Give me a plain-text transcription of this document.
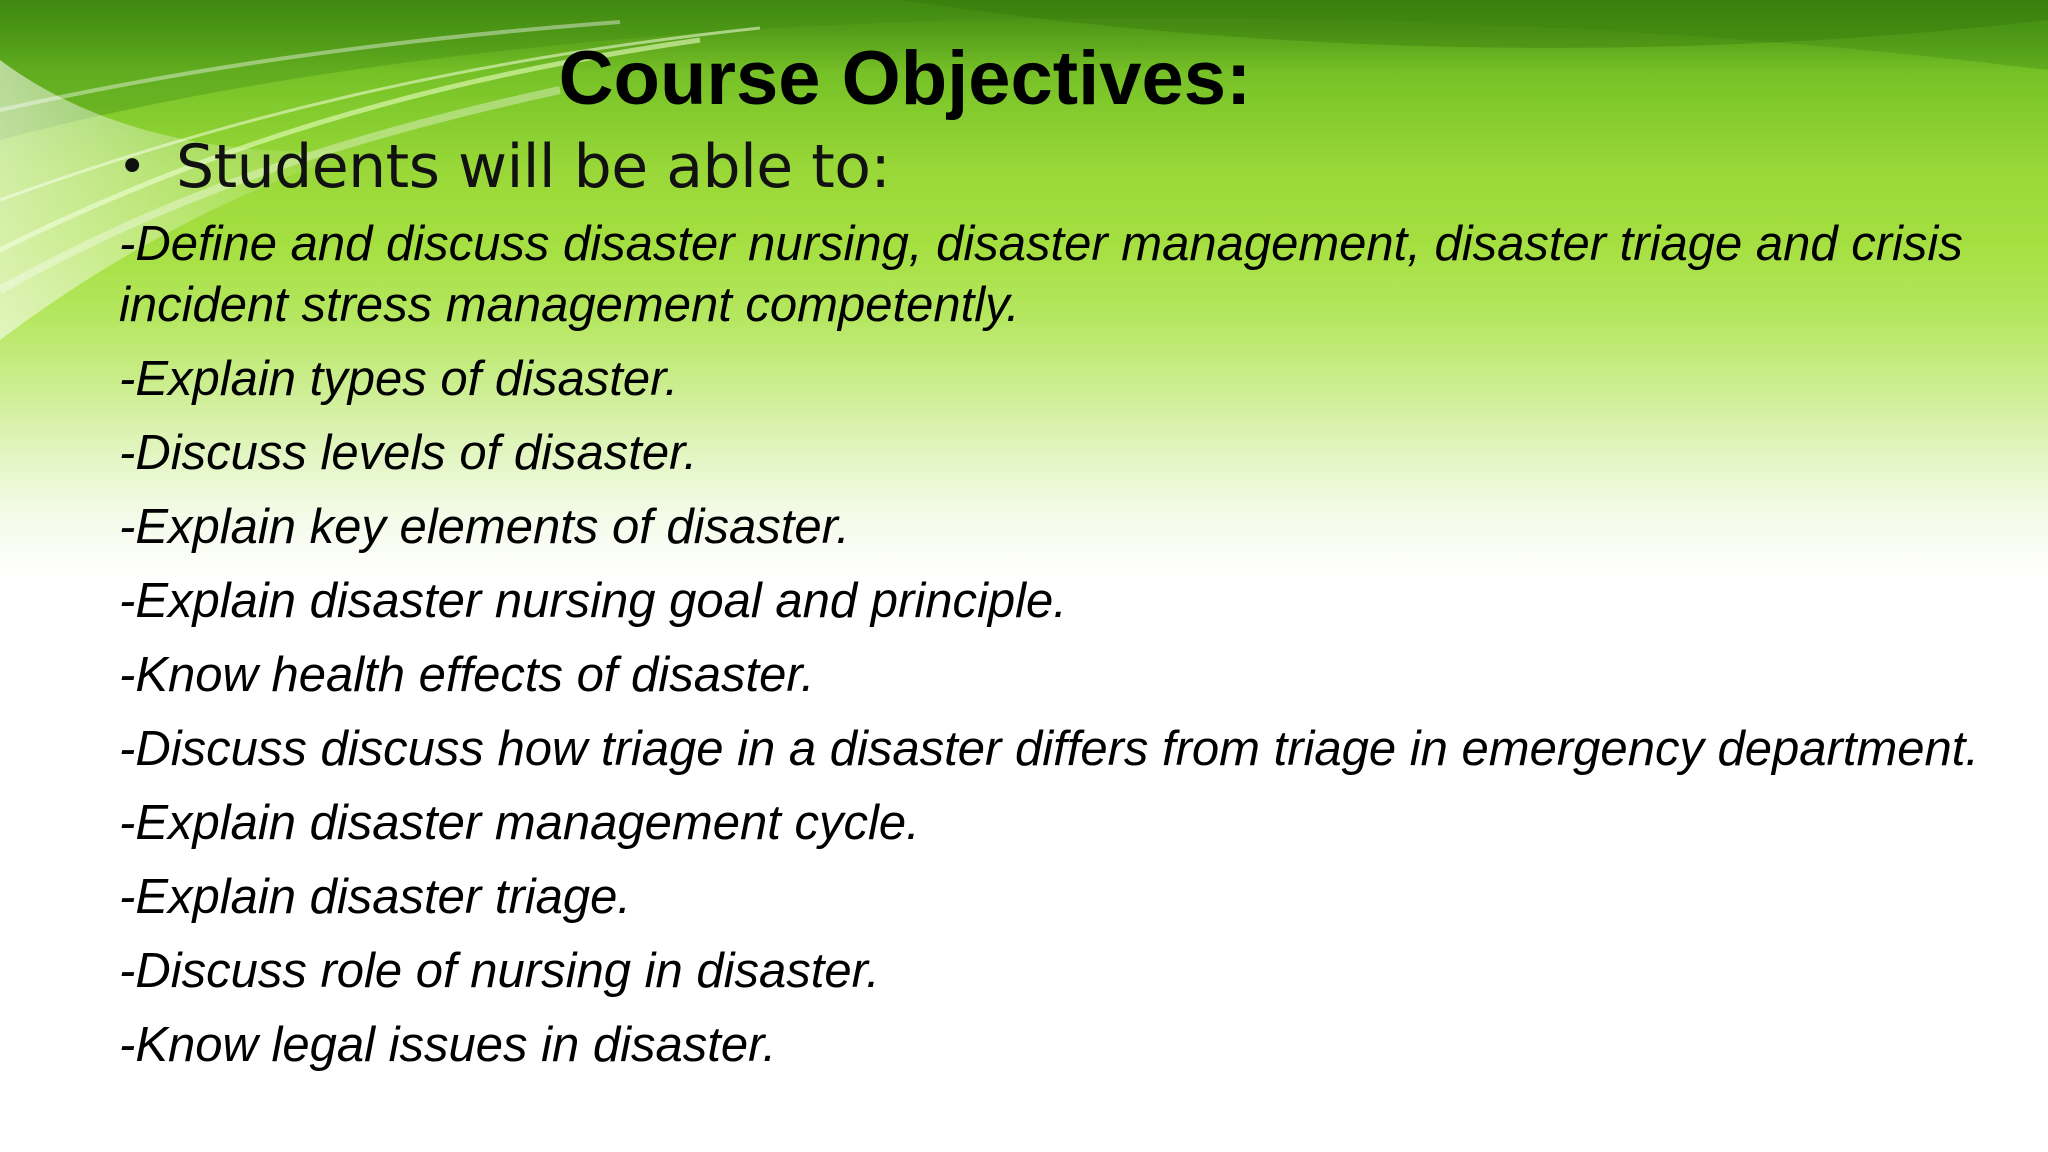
Course Objectives:
• Students will be able to:
-Define and discuss disaster nursing, disaster management, disaster triage and crisis incident stress management competently.
-Explain types of disaster.
-Discuss levels of disaster.
-Explain key elements of disaster.
-Explain disaster nursing goal and principle.
-Know health effects of disaster.
-Discuss discuss how triage in a disaster differs from triage in emergency department.
-Explain disaster management cycle.
-Explain disaster triage.
-Discuss role of nursing in disaster.
-Know legal issues in disaster.
